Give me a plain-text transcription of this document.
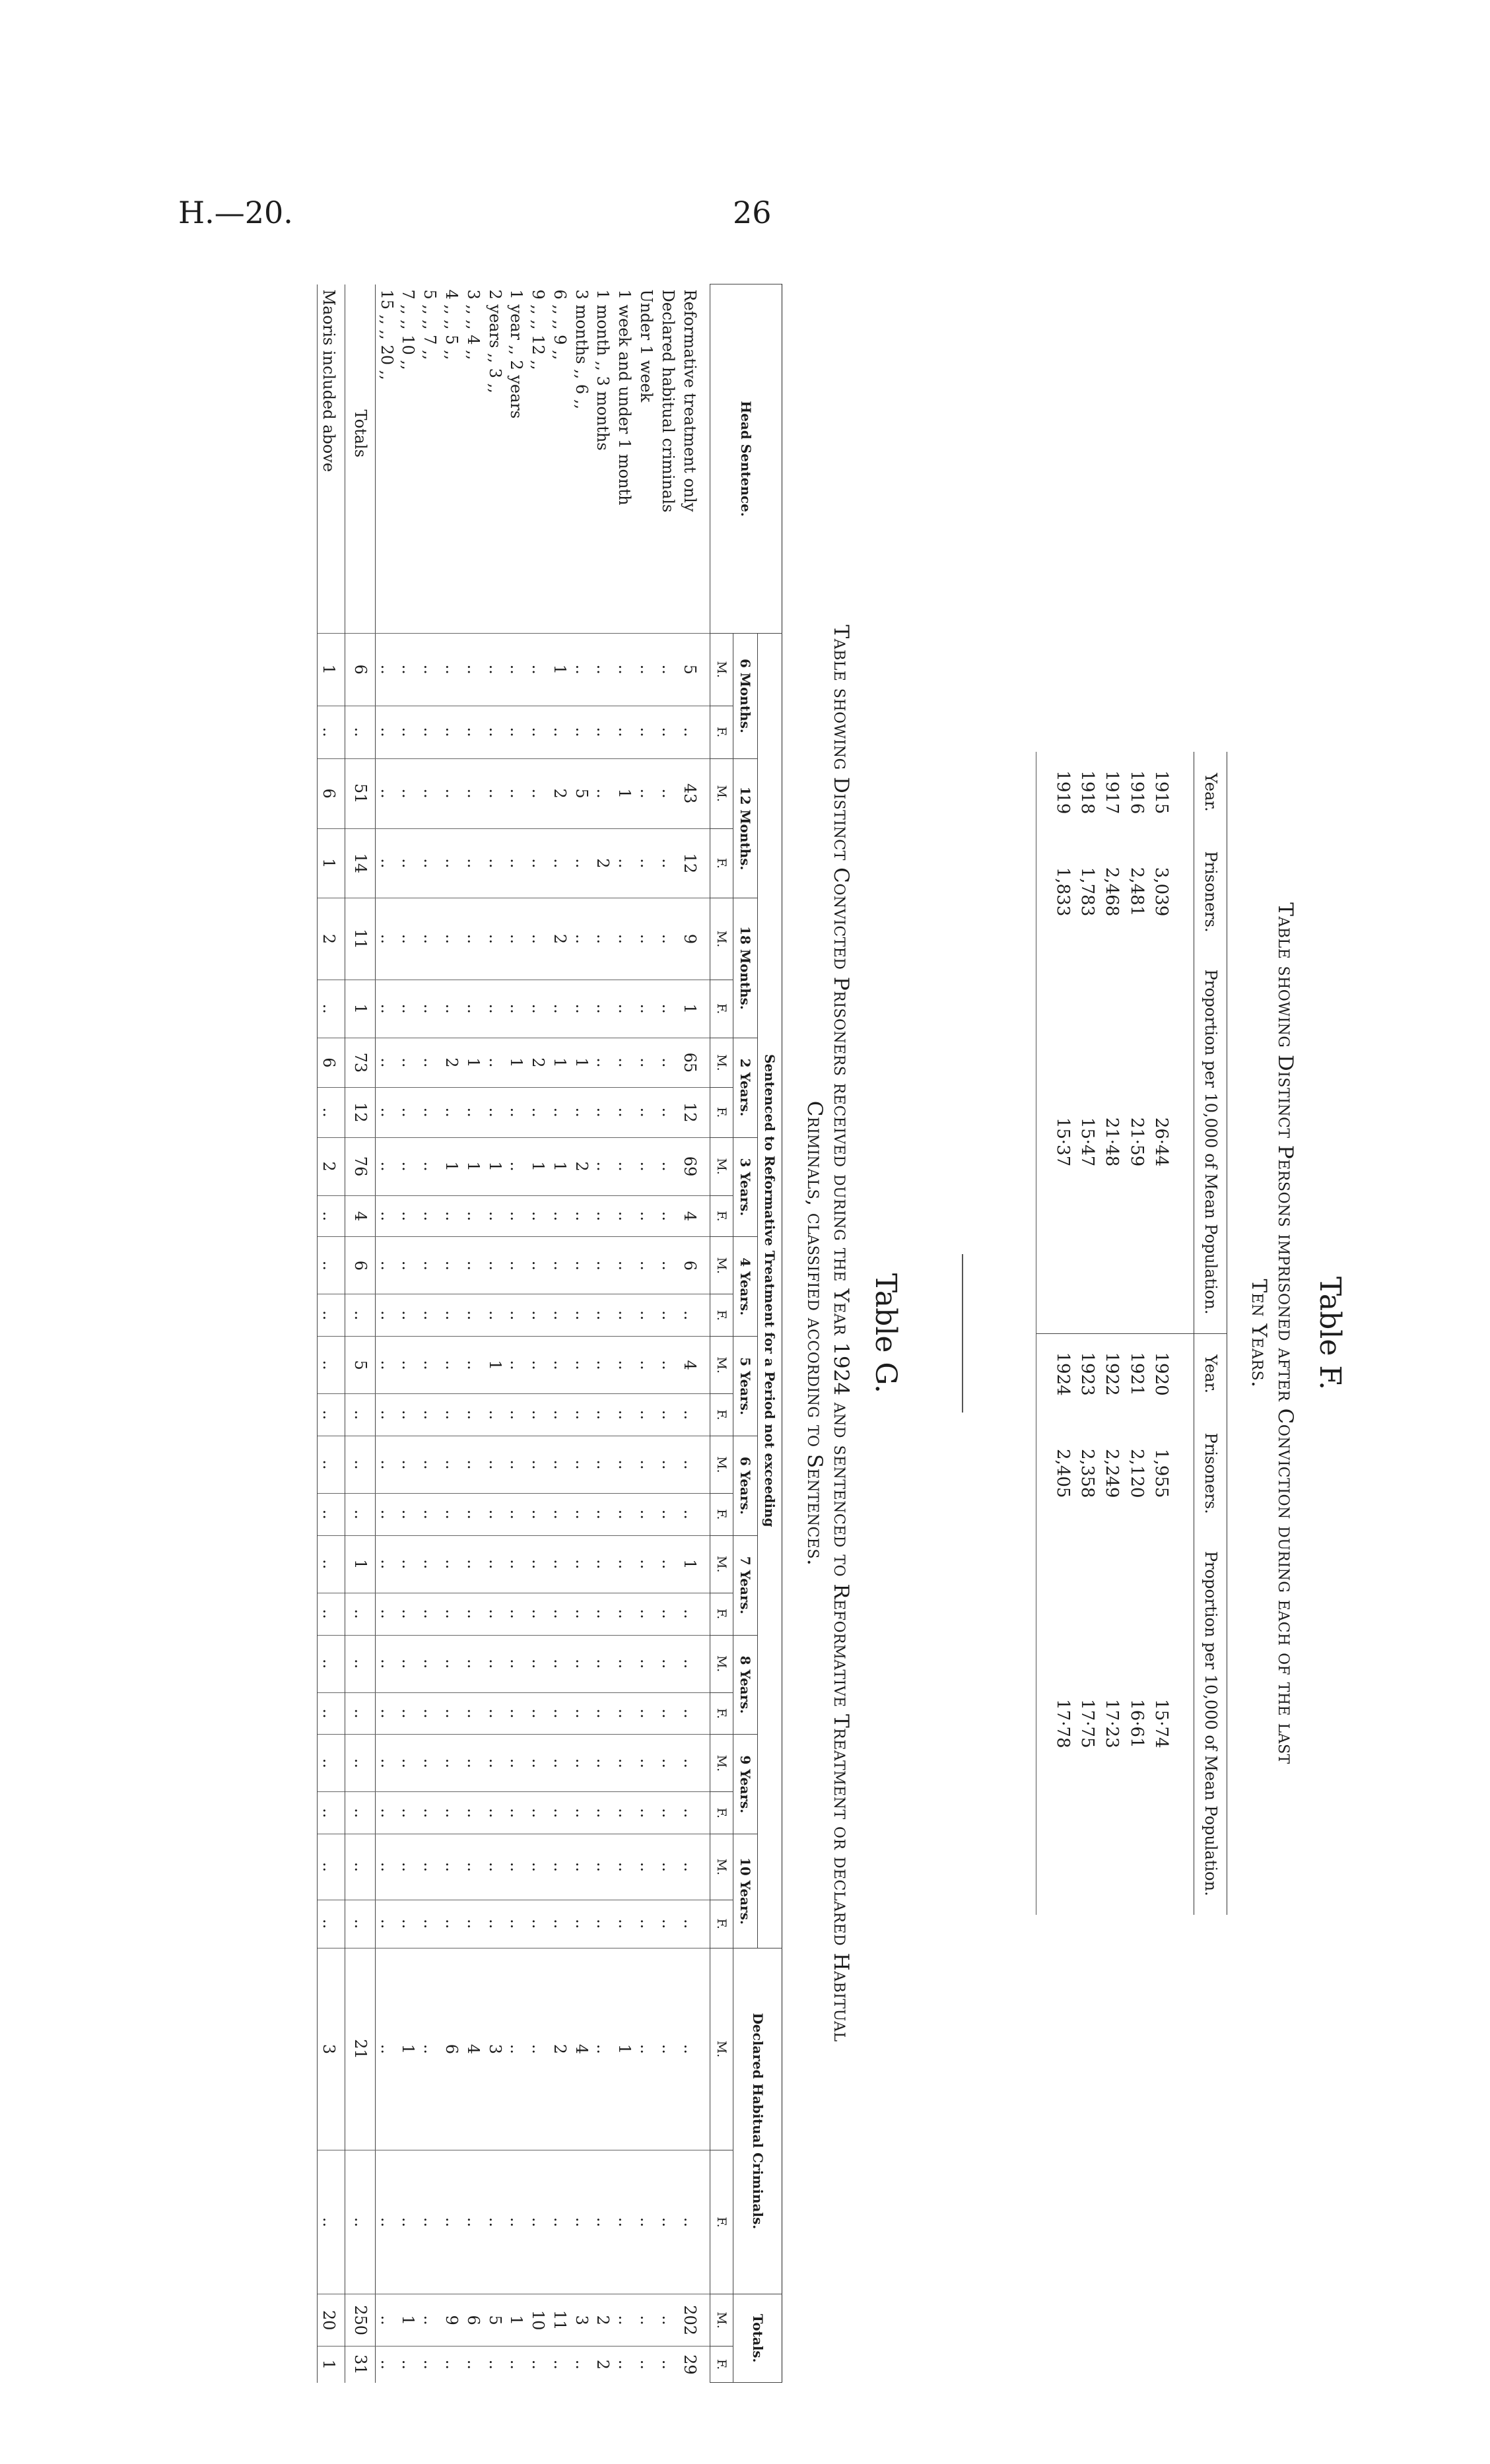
H.—20.	26
Table F.
Table showing Distinct Persons imprisoned after Conviction during each of the last
Ten Years.
Year.	Prisoners.	Proportion per 10,000 of Mean Population.	Year.	Prisoners.	Proportion per 10,000 of Mean Population.
1915	3,039	26·44	1920	1,955	15·74
1916	2,481	21·59	1921	2,120	16·61
1917	2,468	21·48	1922	2,249	17·23
1918	1,783	15·47	1923	2,358	17·75
1919	1,833	15·37	1924	2,405	17·78
Table G.
Table showing Distinct Convicted Prisoners received during the Year 1924 and sentenced to Reformative Treatment or declared Habitual
Criminals, classified according to Sentences.
Head Sentence.	Sentenced to Reformative Treatment for a Period not exceeding																								Declared Habitual Criminals.		Totals.	
	6 Months.		12 Months.		18 Months.		2 Years.		3 Years.		4 Years.		5 Years.		6 Years.		7 Years.		8 Years.		9 Years.		10 Years.					
	M.	F.	M.	F.	M.	F.	M.	F.	M.	F.	M.	F.	M.	F.	M.	F.	M.	F.	M.	F.	M.	F.	M.	F.	M.	F.	M.	F.
Reformative treatment only	5	..	43	12	9	1	65	12	69	4	6	..	4	..	..	..	1	..	..	..	..	..	..	..	..	..	202	29
Declared habitual criminals	..	..	..	..	..	..	..	..	..	..	..	..	..	..	..	..	..	..	..	..	..	..	..	..	..	..	..	..
Under 1 week	..	..	..	..	..	..	..	..	..	..	..	..	..	..	..	..	..	..	..	..	..	..	..	..	..	..	..	..
1 week and under 1 month	..	..	1	..	..	..	..	..	..	..	..	..	..	..	..	..	..	..	..	..	..	..	..	..	1	..	..	..
1 month ,, 3 months	..	..	..	2	..	..	..	..	..	..	..	..	..	..	..	..	..	..	..	..	..	..	..	..	..	..	2	2
3 months ,, 6 ,,	..	..	5	..	..	..	1	..	2	..	..	..	..	..	..	..	..	..	..	..	..	..	..	..	4	..	3	..
6 ,, ,, 9 ,,	1	..	2	..	2	..	1	..	1	..	..	..	..	..	..	..	..	..	..	..	..	..	..	..	2	..	11	..
9 ,, ,, 12 ,,	..	..	..	..	..	..	2	..	1	..	..	..	..	..	..	..	..	..	..	..	..	..	..	..	..	..	10	..
1 year ,, 2 years	..	..	..	..	..	..	1	..	..	..	..	..	..	..	..	..	..	..	..	..	..	..	..	..	..	..	1	..
2 years ,, 3 ,,	..	..	..	..	..	..	..	..	1	..	..	..	1	..	..	..	..	..	..	..	..	..	..	..	3	..	5	..
3 ,, ,, 4 ,,	..	..	..	..	..	..	1	..	1	..	..	..	..	..	..	..	..	..	..	..	..	..	..	..	4	..	6	..
4 ,, ,, 5 ,,	..	..	..	..	..	..	2	..	1	..	..	..	..	..	..	..	..	..	..	..	..	..	..	..	6	..	9	..
5 ,, ,, 7 ,,	..	..	..	..	..	..	..	..	..	..	..	..	..	..	..	..	..	..	..	..	..	..	..	..	..	..	..	..
7 ,, ,, 10 ,,	..	..	..	..	..	..	..	..	..	..	..	..	..	..	..	..	..	..	..	..	..	..	..	..	1	..	1	..
15 ,, ,, 20 ,,	..	..	..	..	..	..	..	..	..	..	..	..	..	..	..	..	..	..	..	..	..	..	..	..	..	..	..	..
Totals	6	..	51	14	11	1	73	12	76	4	6	..	5	..	..	..	1	..	..	..	..	..	..	..	21	..	250	31
Maoris included above	1	..	6	1	2	..	6	..	2	..	..	..	..	..	..	..	..	..	..	..	..	..	..	..	3	..	20	1
